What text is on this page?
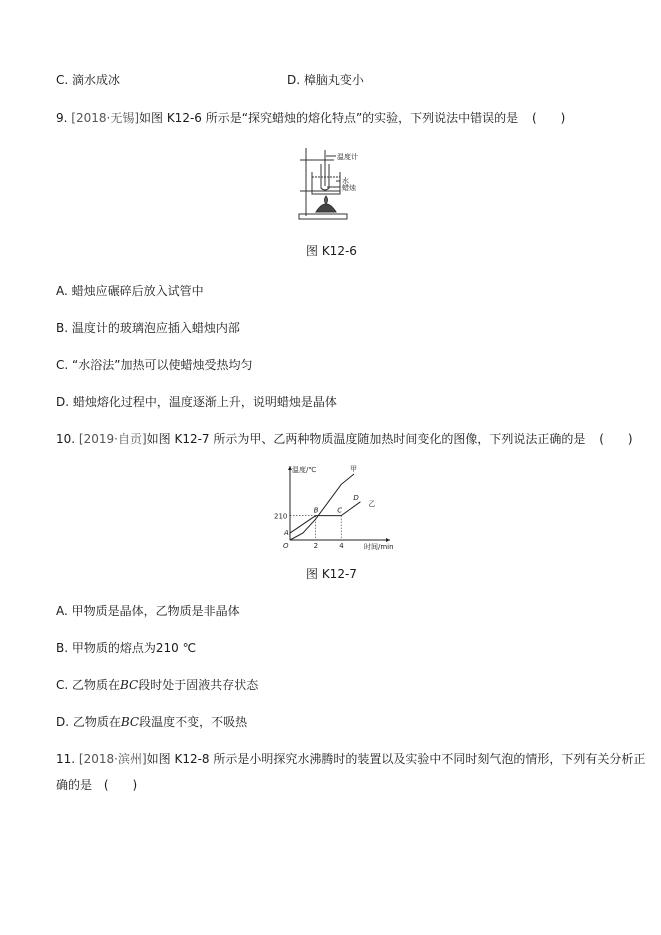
C. 滴水成冰	D. 樟脑丸变小
9. [2018·无锡]如图 K12-6 所示是“探究蜡烛的熔化特点”的实验，下列说法中错误的是 (　　)
温度计
水
蜡烛
图 K12-6
A. 蜡烛应碾碎后放入试管中
B. 温度计的玻璃泡应插入蜡烛内部
C. “水浴法”加热可以使蜡烛受热均匀
D. 蜡烛熔化过程中，温度逐渐上升，说明蜡烛是晶体
10. [2019·自贡]如图 K12-7 所示为甲、乙两种物质温度随加热时间变化的图像，下列说法正确的是 (　　)
温度/℃
时间/min
O	2	4
210
甲
乙
A
B	C
D
图 K12-7
A. 甲物质是晶体，乙物质是非晶体
B. 甲物质的熔点为210 ℃
C. 乙物质在BC段时处于固液共存状态
D. 乙物质在BC段温度不变，不吸热
11. [2018·滨州]如图 K12-8 所示是小明探究水沸腾时的装置以及实验中不同时刻气泡的情形，下列有关分析正
确的是 (　　)
